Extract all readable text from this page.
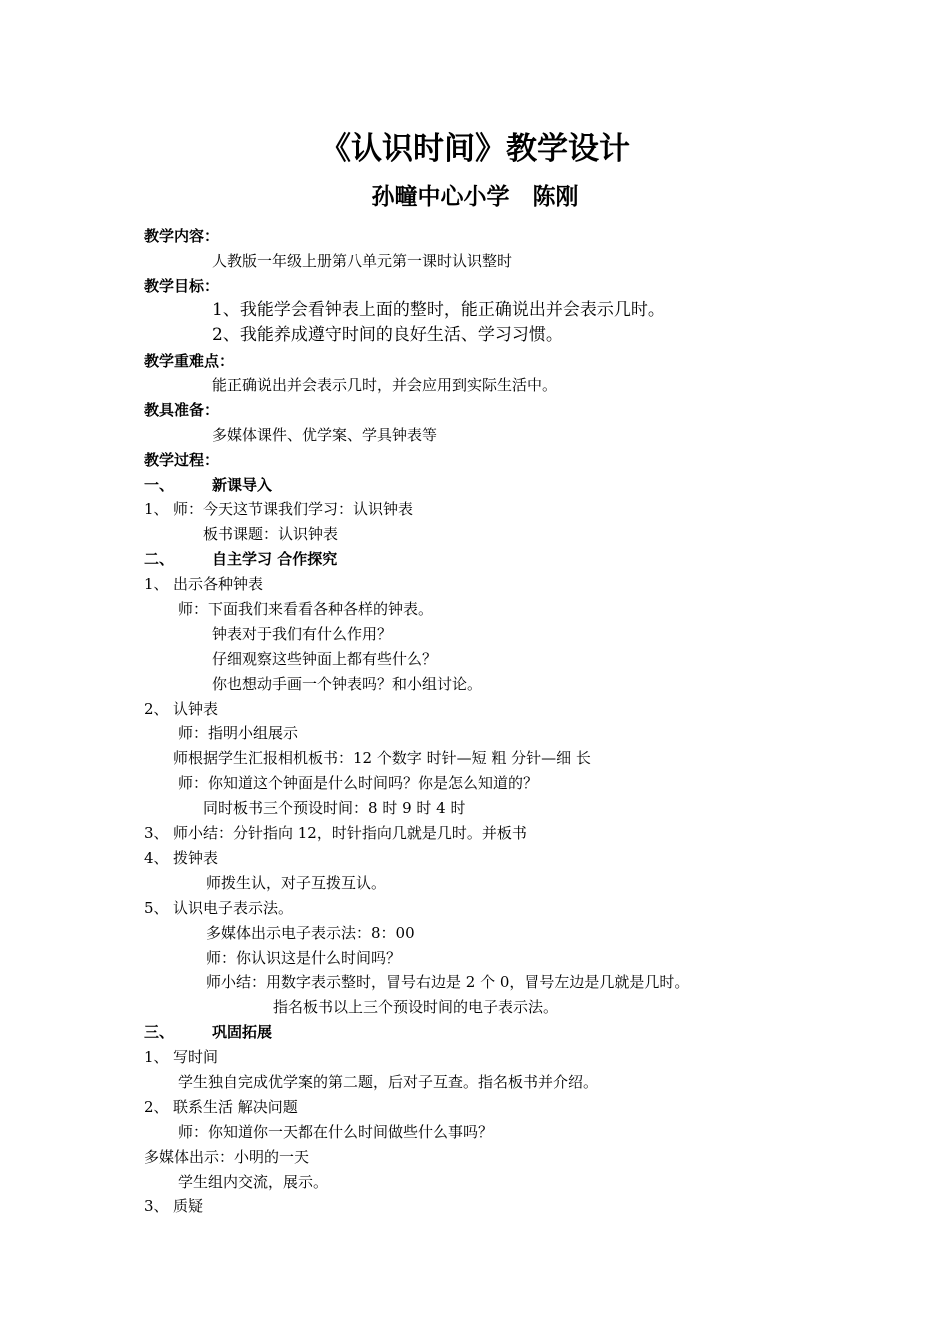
《认识时间》教学设计
孙疃中心小学　陈刚
教学内容：
人教版一年级上册第八单元第一课时认识整时
教学目标：
1、我能学会看钟表上面的整时，能正确说出并会表示几时。
2、我能养成遵守时间的良好生活、学习习惯。
教学重难点：
能正确说出并会表示几时，并会应用到实际生活中。
教具准备：
多媒体课件、优学案、学具钟表等
教学过程：
一、	新课导入
1、 师：今天这节课我们学习：认识钟表
板书课题：认识钟表
二、	自主学习 合作探究
1、 出示各种钟表
师：下面我们来看看各种各样的钟表。
钟表对于我们有什么作用？
仔细观察这些钟面上都有些什么？
你也想动手画一个钟表吗？和小组讨论。
2、 认钟表
师：指明小组展示
师根据学生汇报相机板书：12 个数字 时针—短 粗 分针—细 长
师：你知道这个钟面是什么时间吗？你是怎么知道的？
同时板书三个预设时间：8 时 9 时 4 时
3、 师小结：分针指向 12，时针指向几就是几时。并板书
4、 拨钟表
师拨生认，对子互拨互认。
5、 认识电子表示法。
多媒体出示电子表示法：8：00
师：你认识这是什么时间吗？
师小结：用数字表示整时，冒号右边是 2 个 0，冒号左边是几就是几时。
指名板书以上三个预设时间的电子表示法。
三、	巩固拓展
1、 写时间
学生独自完成优学案的第二题，后对子互查。指名板书并介绍。
2、 联系生活 解决问题
师：你知道你一天都在什么时间做些什么事吗？
多媒体出示：小明的一天
学生组内交流，展示。
3、 质疑
